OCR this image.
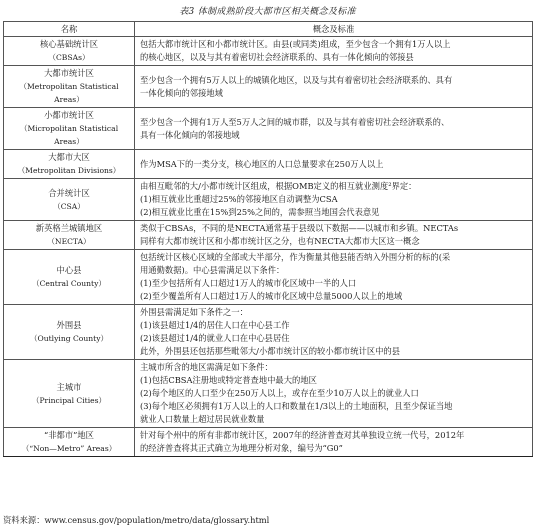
表3 体制成熟阶段大都市区相关概念及标准
名称	概念及标准

核心基础统计区
（CBSAs）	包括大都市统计区和小都市统计区。由县(或同类)组成，至少包含一个拥有1万人以上
的核心地区，以及与其有着密切社会经济联系的、具有一体化倾向的邻接县

大都市统计区
（Metropolitan Statistical Areas）	至少包含一个拥有5万人以上的城镇化地区，以及与其有着密切社会经济联系的、具有
一体化倾向的邻接地域

小都市统计区
（Micropolitan Statistical Areas）	至少包含一个拥有1万人至5万人之间的城市群，以及与其有着密切社会经济联系的、
具有一体化倾向的邻接地域

大都市大区
（Metropolitan Divisions）	作为MSA下的一类分支，核心地区的人口总量要求在250万人以上

合并统计区
（CSA）	由相互毗邻的大/小都市统计区组成，根据OMB定义的相互就业测度²界定：
(1)相互就业比重超过25%的邻接地区自动调整为CSA
(2)相互就业比重在15%到25%之间的，需参照当地国会代表意见

新英格兰城镇地区
（NECTA）	类似于CBSAs，不同的是NECTA通常基于县级以下数据——以城市和乡镇。NECTAs
同样有大都市统计区和小都市统计区之分，也有NECTA大都市大区这一概念

中心县
（Central County）	包括统计区核心区域的全部或大半部分，作为衡量其他县能否纳入外围分析的标的(采
用通勤数据)。中心县需满足以下条件：
(1)至少包括所有人口超过1万人的城市化区域中一半的人口
(2)至少覆盖所有人口超过1万人的城市化区域中总量5000人以上的地域

外围县
（Outlying County）	外围县需满足如下条件之一：
(1)该县超过1/4的居住人口在中心县工作
(2)该县超过1/4的就业人口在中心县居住
此外，外围县还包括那些毗邻大/小都市统计区的较小都市统计区中的县

主城市
（Principal Cities）	主城市所含的地区需满足如下条件：
(1)包括CBSA注册地或特定普查地中最大的地区
(2)每个地区的人口至少在250万人以上，或存在至少10万人以上的就业人口
(3)每个地区必须拥有1万人以上的人口和数量在1/3以上的土地面积，且至少保证当地
就业人口数量上超过居民就业数量

“非都市”地区
（“Non—Metro” Areas）	针对每个州中的所有非都市统计区，2007年的经济普查对其单独设立统一代号，2012年
的经济普查将其正式确立为地理分析对象，编号为“G0”
资料来源：www.census.gov/population/metro/data/glossary.html
